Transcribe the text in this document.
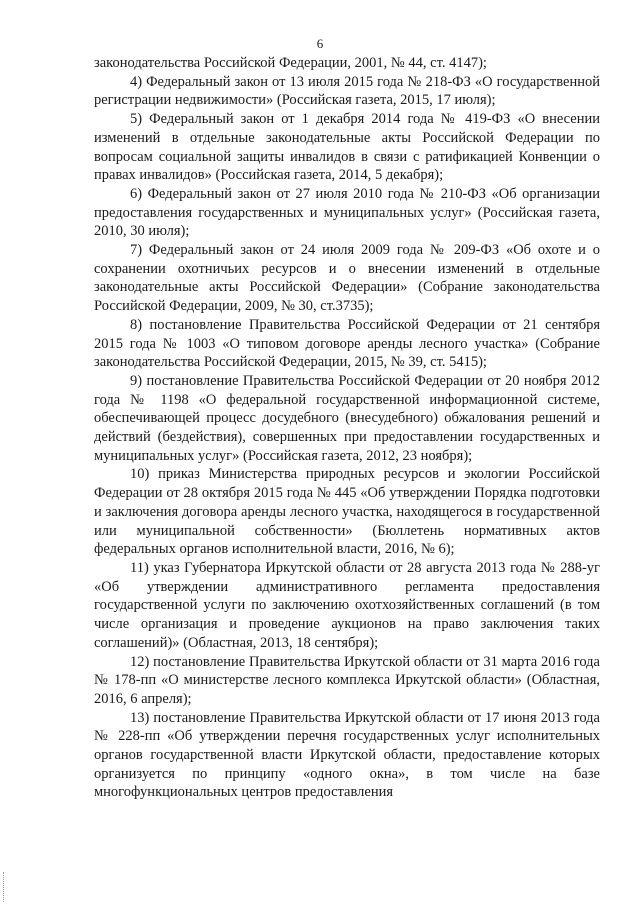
6

законодательства Российской Федерации, 2001, № 44, ст. 4147);

4) Федеральный закон от 13 июля 2015 года № 218-ФЗ «О государственной регистрации недвижимости» (Российская газета, 2015, 17 июля);

5) Федеральный закон от 1 декабря 2014 года № 419-ФЗ «О внесении изменений в отдельные законодательные акты Российской Федерации по вопросам социальной защиты инвалидов в связи с ратификацией Конвенции о правах инвалидов» (Российская газета, 2014, 5 декабря);

6) Федеральный закон от 27 июля 2010 года № 210-ФЗ «Об организации предоставления государственных и муниципальных услуг» (Российская газета, 2010, 30 июля);

7) Федеральный закон от 24 июля 2009 года № 209-ФЗ «Об охоте и о сохранении охотничьих ресурсов и о внесении изменений в отдельные законодательные акты Российской Федерации» (Собрание законодательства Российской Федерации, 2009, № 30, ст.3735);

8) постановление Правительства Российской Федерации от 21 сентября 2015 года № 1003 «О типовом договоре аренды лесного участка» (Собрание законодательства Российской Федерации, 2015, № 39, ст. 5415);

9) постановление Правительства Российской Федерации от 20 ноября 2012 года № 1198 «О федеральной государственной информационной системе, обеспечивающей процесс досудебного (внесудебного) обжалования решений и действий (бездействия), совершенных при предоставлении государственных и муниципальных услуг» (Российская газета, 2012, 23 ноября);

10) приказ Министерства природных ресурсов и экологии Российской Федерации от 28 октября 2015 года № 445 «Об утверждении Порядка подготовки и заключения договора аренды лесного участка, находящегося в государственной или муниципальной собственности» (Бюллетень нормативных актов федеральных органов исполнительной власти, 2016, № 6);

11) указ Губернатора Иркутской области от 28 августа 2013 года № 288-уг «Об утверждении административного регламента предоставления государственной услуги по заключению охотхозяйственных соглашений (в том числе организация и проведение аукционов на право заключения таких соглашений)» (Областная, 2013, 18 сентября);

12) постановление Правительства Иркутской области от 31 марта 2016 года № 178-пп «О министерстве лесного комплекса Иркутской области» (Областная, 2016, 6 апреля);

13) постановление Правительства Иркутской области от 17 июня 2013 года № 228-пп «Об утверждении перечня государственных услуг исполнительных органов государственной власти Иркутской области, предоставление которых организуется по принципу «одного окна», в том числе на базе многофункциональных центров предоставления
